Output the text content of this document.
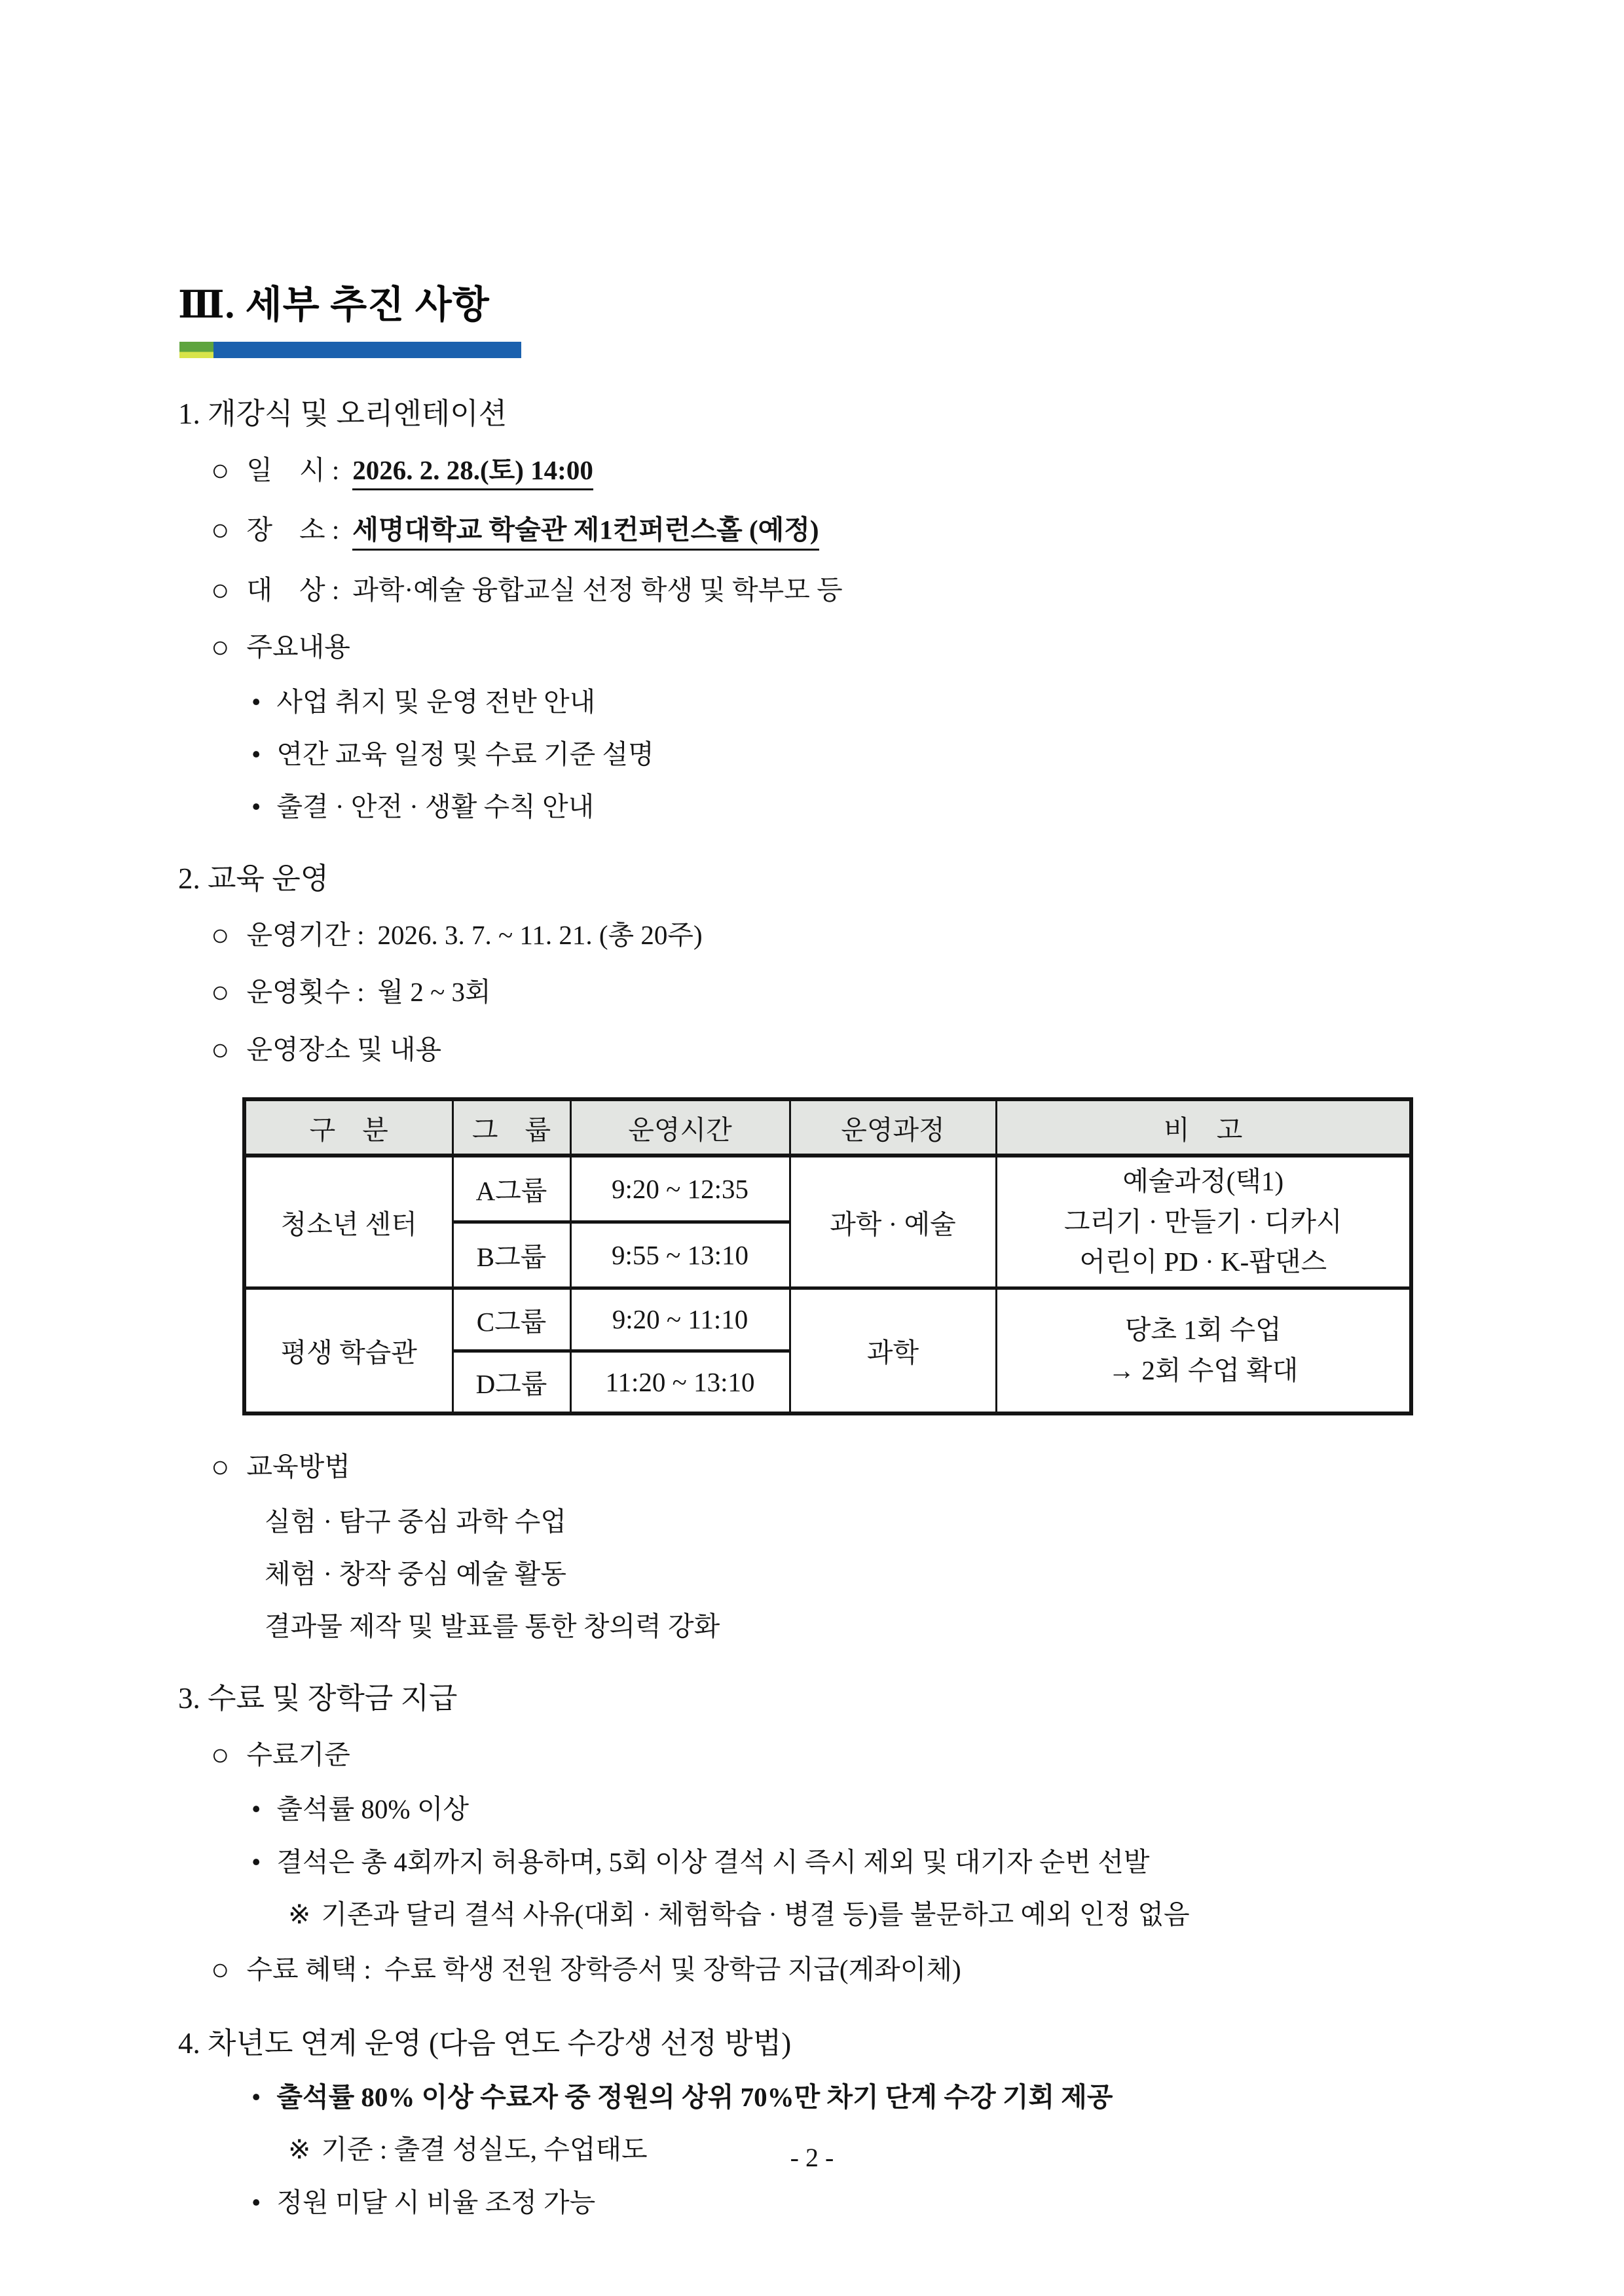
Ⅲ. 세부 추진 사항
1. 개강식 및 오리엔테이션
○ 일　시 : 2026. 2. 28.(토) 14:00
○ 장　소 : 세명대학교 학술관 제1컨퍼런스홀 (예정)
○ 대　상 : 과학·예술 융합교실 선정 학생 및 학부모 등
○ 주요내용
• 사업 취지 및 운영 전반 안내
• 연간 교육 일정 및 수료 기준 설명
• 출결 · 안전 · 생활 수칙 안내
2. 교육 운영
○ 운영기간 : 2026. 3. 7. ~ 11. 21. (총 20주)
○ 운영횟수 : 월 2 ~ 3회
○ 운영장소 및 내용
구　분	그　룹	운영시간	운영과정	비　고
청소년 센터	A그룹	9:20 ~ 12:35	과학 · 예술	예술과정(택1)
그리기 · 만들기 · 디카시
어린이 PD · K-팝댄스

	B그룹	9:55 ~ 13:10		
평생 학습관	C그룹	9:20 ~ 11:10	과학	당초 1회 수업
→ 2회 수업 확대

	D그룹	11:20 ~ 13:10		
○ 교육방법
실험 · 탐구 중심 과학 수업
체험 · 창작 중심 예술 활동
결과물 제작 및 발표를 통한 창의력 강화
3. 수료 및 장학금 지급
○ 수료기준
• 출석률 80% 이상
• 결석은 총 4회까지 허용하며, 5회 이상 결석 시 즉시 제외 및 대기자 순번 선발
※ 기존과 달리 결석 사유(대회 · 체험학습 · 병결 등)를 불문하고 예외 인정 없음
○ 수료 혜택 : 수료 학생 전원 장학증서 및 장학금 지급(계좌이체)
4. 차년도 연계 운영 (다음 연도 수강생 선정 방법)
• 출석률 80% 이상 수료자 중 정원의 상위 70%만 차기 단계 수강 기회 제공
※ 기준 : 출결 성실도, 수업태도
• 정원 미달 시 비율 조정 가능
- 2 -
